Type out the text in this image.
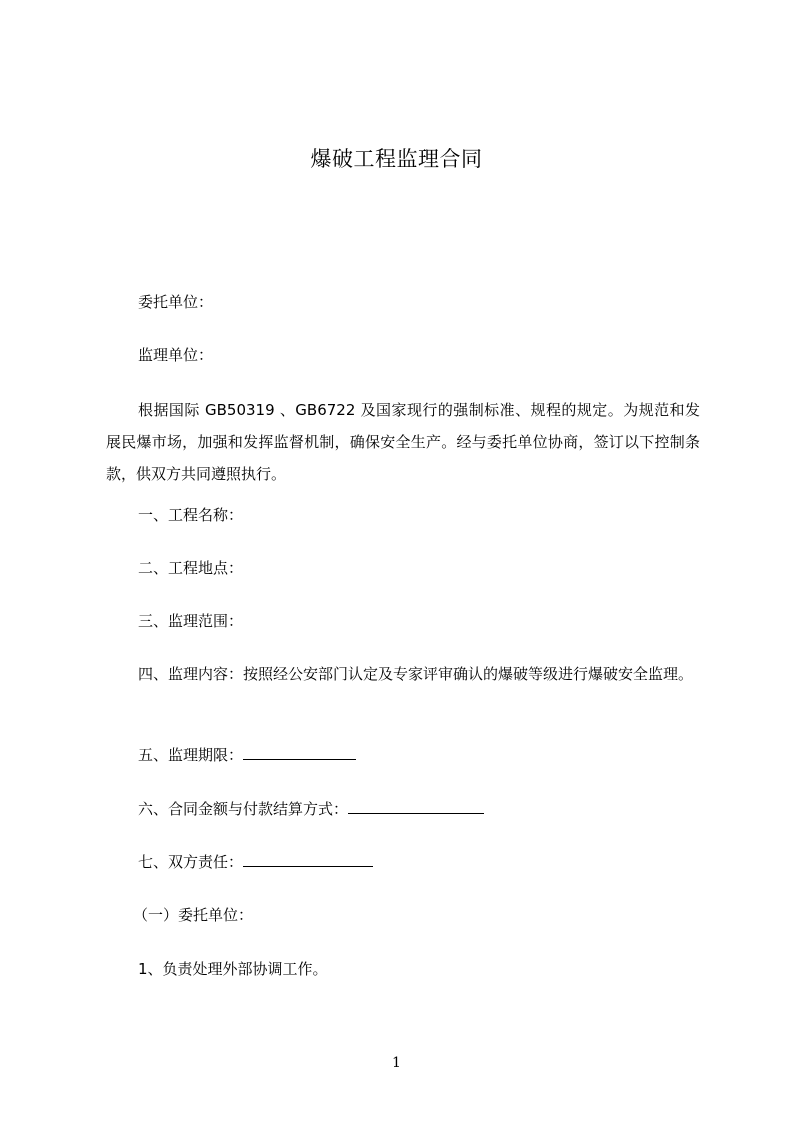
爆破工程监理合同
委托单位：
监理单位：
根据国际 GB50319 、GB6722 及国家现行的强制标准、规程的规定。为规范和发展民爆市场，加强和发挥监督机制，确保安全生产。经与委托单位协商，签订以下控制条款，供双方共同遵照执行。
一、工程名称：
二、工程地点：
三、监理范围：
四、监理内容：按照经公安部门认定及专家评审确认的爆破等级进行爆破安全监理。
五、监理期限：
六、合同金额与付款结算方式：
七、双方责任：
（一）委托单位：
1、负责处理外部协调工作。
1
